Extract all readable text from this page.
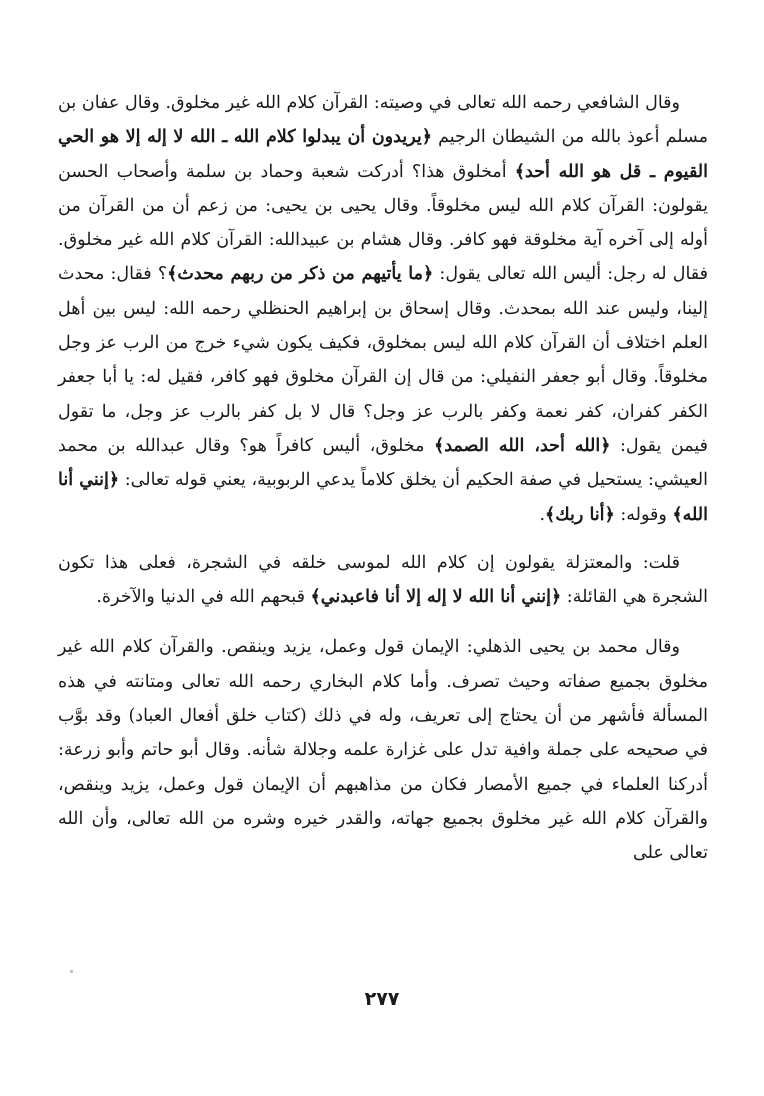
وقال الشافعي رحمه الله تعالى في وصيته: القرآن كلام الله غير مخلوق. وقال عفان بن مسلم أعوذ بالله من الشيطان الرجيم ﴿يريدون أن يبدلوا كلام الله ـ الله لا إله إلا هو الحي القيوم ـ قل هو الله أحد﴾ أمخلوق هذا؟ أدركت شعبة وحماد بن سلمة وأصحاب الحسن يقولون: القرآن كلام الله ليس مخلوقاً. وقال يحيى بن يحيى: من زعم أن من القرآن من أوله إلى آخره آية مخلوقة فهو كافر. وقال هشام بن عبيدالله: القرآن كلام الله غير مخلوق. فقال له رجل: أليس الله تعالى يقول: ﴿ما يأتيهم من ذكر من ربهم محدث﴾؟ فقال: محدث إلينا، وليس عند الله بمحدث. وقال إسحاق بن إبراهيم الحنظلي رحمه الله: ليس بين أهل العلم اختلاف أن القرآن كلام الله ليس بمخلوق، فكيف يكون شيء خرج من الرب عز وجل مخلوقاً. وقال أبو جعفر النفيلي: من قال إن القرآن مخلوق فهو كافر، فقيل له: يا أبا جعفر الكفر كفران، كفر نعمة وكفر بالرب عز وجل؟ قال لا بل كفر بالرب عز وجل، ما تقول فيمن يقول: ﴿الله أحد، الله الصمد﴾ مخلوق، أليس كافراً هو؟ وقال عبدالله بن محمد العيشي: يستحيل في صفة الحكيم أن يخلق كلاماً يدعي الربوبية، يعني قوله تعالى: ﴿إنني أنا الله﴾ وقوله: ﴿أنا ربك﴾.

قلت: والمعتزلة يقولون إن كلام الله لموسى خلقه في الشجرة، فعلى هذا تكون الشجرة هي القائلة: ﴿إنني أنا الله لا إله إلا أنا فاعبدني﴾ قبحهم الله في الدنيا والآخرة.

وقال محمد بن يحيى الذهلي: الإيمان قول وعمل، يزيد وينقص. والقرآن كلام الله غير مخلوق بجميع صفاته وحيث تصرف. وأما كلام البخاري رحمه الله تعالى ومتانته في هذه المسألة فأشهر من أن يحتاج إلى تعريف، وله في ذلك (كتاب خلق أفعال العباد) وقد بوَّب في صحيحه على جملة وافية تدل على غزارة علمه وجلالة شأنه. وقال أبو حاتم وأبو زرعة: أدركنا العلماء في جميع الأمصار فكان من مذاهبهم أن الإيمان قول وعمل، يزيد وينقص، والقرآن كلام الله غير مخلوق بجميع جهاته، والقدر خيره وشره من الله تعالى، وأن الله تعالى على

٢٧٧
